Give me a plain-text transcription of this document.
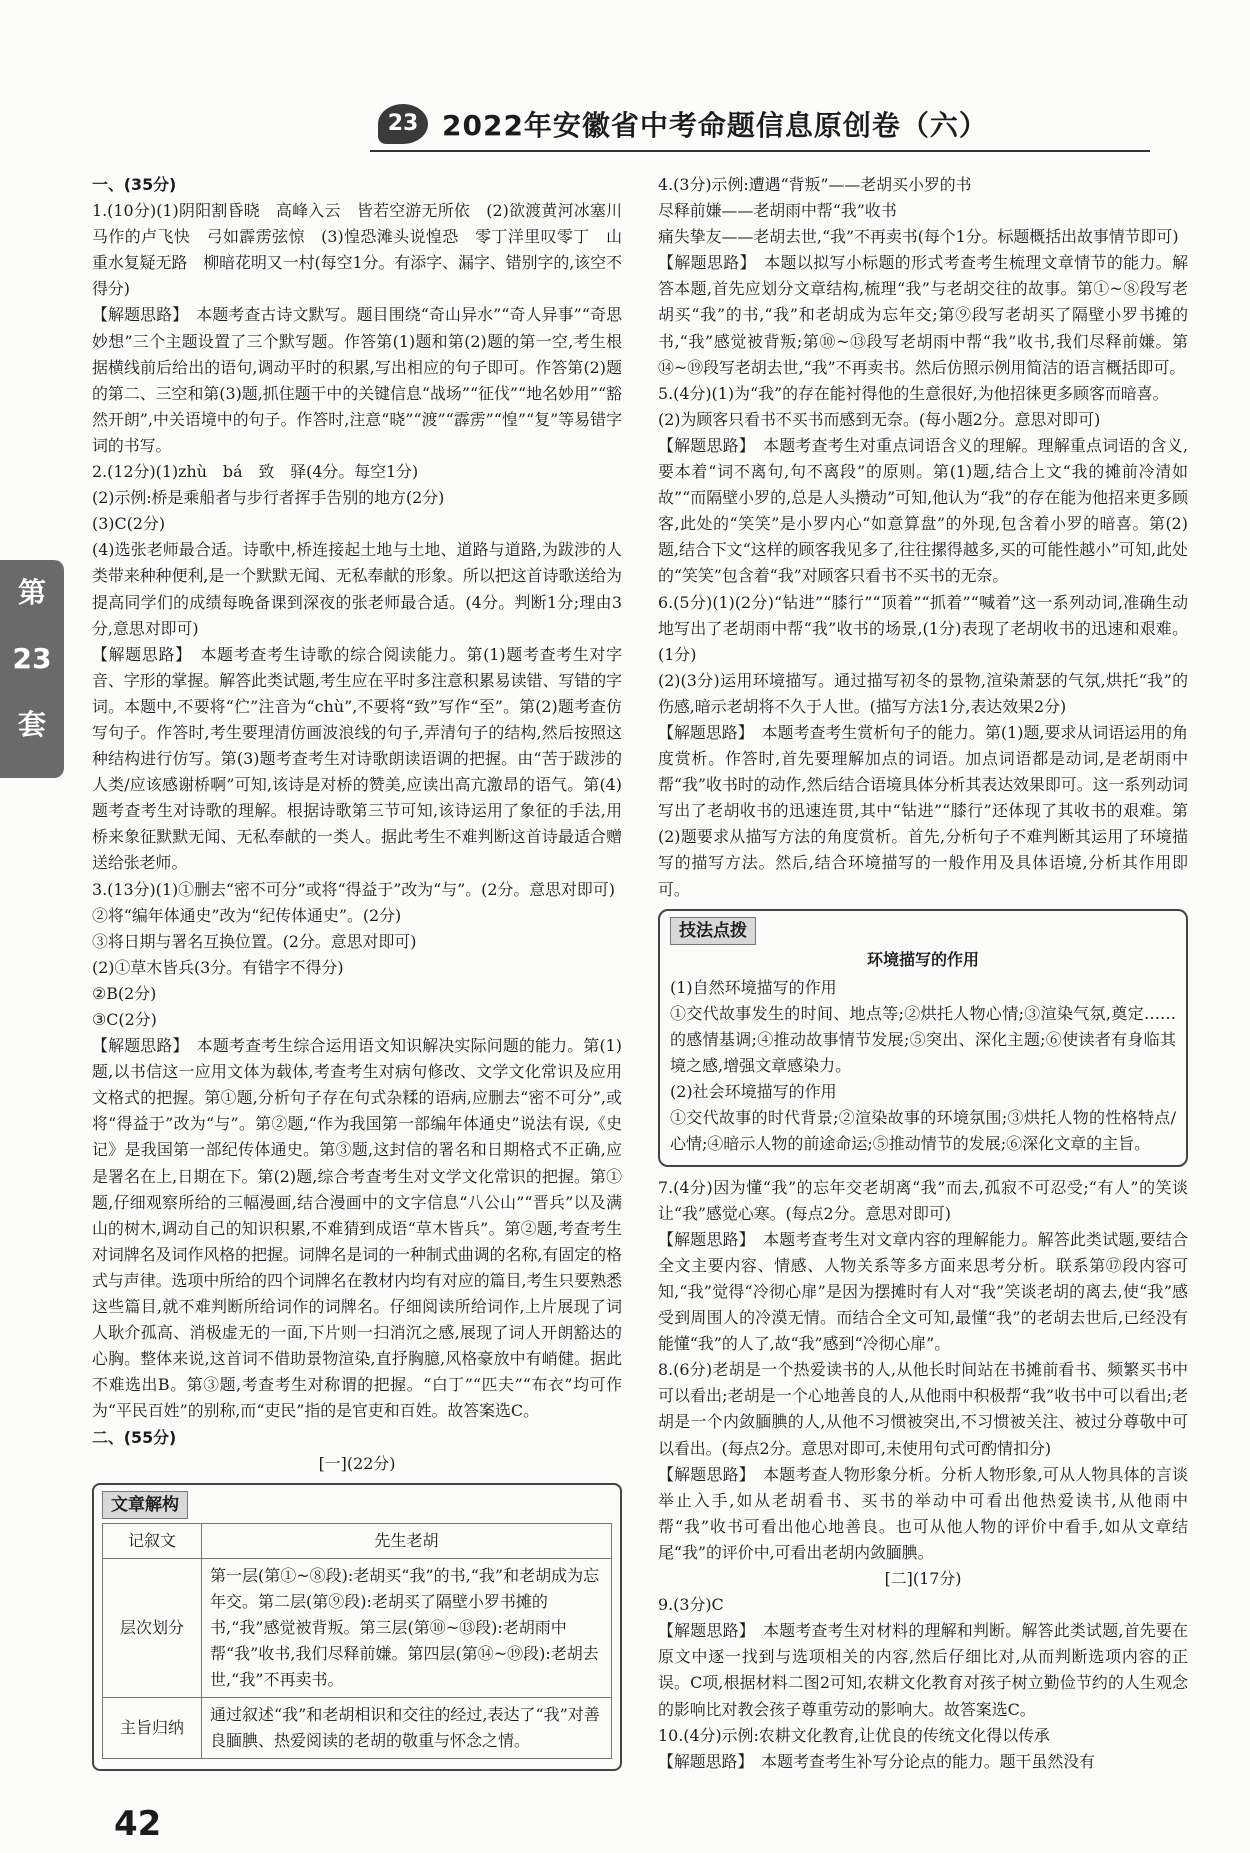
23 2022年安徽省中考命题信息原创卷（六）
第
23
套

一、(35分)

1.(10分)(1)阴阳割昏晓　高峰入云　皆若空游无所依　(2)欲渡黄河冰塞川　马作的卢飞快　弓如霹雳弦惊　(3)惶恐滩头说惶恐　零丁洋里叹零丁　山重水复疑无路　柳暗花明又一村(每空1分。有添字、漏字、错别字的,该空不得分)

【解题思路】　本题考查古诗文默写。题目围绕“奇山异水”“奇人异事”“奇思妙想”三个主题设置了三个默写题。作答第(1)题和第(2)题的第一空,考生根据横线前后给出的语句,调动平时的积累,写出相应的句子即可。作答第(2)题的第二、三空和第(3)题,抓住题干中的关键信息“战场”“征伐”“地名妙用”“豁然开朗”,中关语境中的句子。作答时,注意“晓”“渡”“霹雳”“惶”“复”等易错字词的书写。

2.(12分)(1)zhù　bá　致　驿(4分。每空1分)

(2)示例:桥是乘船者与步行者挥手告别的地方(2分)

(3)C(2分)

(4)选张老师最合适。诗歌中,桥连接起土地与土地、道路与道路,为跋涉的人类带来种种便利,是一个默默无闻、无私奉献的形象。所以把这首诗歌送给为提高同学们的成绩每晚备课到深夜的张老师最合适。(4分。判断1分;理由3分,意思对即可)

【解题思路】　本题考查考生诗歌的综合阅读能力。第(1)题考查考生对字音、字形的掌握。解答此类试题,考生应在平时多注意积累易读错、写错的字词。本题中,不要将“伫”注音为“chù”,不要将“致”写作“至”。第(2)题考查仿写句子。作答时,考生要理清仿画波浪线的句子,弄清句子的结构,然后按照这种结构进行仿写。第(3)题考查考生对诗歌朗读语调的把握。由“苦于跋涉的人类/应该感谢桥啊”可知,该诗是对桥的赞美,应读出高亢激昂的语气。第(4)题考查考生对诗歌的理解。根据诗歌第三节可知,该诗运用了象征的手法,用桥来象征默默无闻、无私奉献的一类人。据此考生不难判断这首诗最适合赠送给张老师。

3.(13分)(1)①删去“密不可分”或将“得益于”改为“与”。(2分。意思对即可)

②将“编年体通史”改为“纪传体通史”。(2分)

③将日期与署名互换位置。(2分。意思对即可)

(2)①草木皆兵(3分。有错字不得分)

②B(2分)

③C(2分)

【解题思路】　本题考查考生综合运用语文知识解决实际问题的能力。第(1)题,以书信这一应用文体为载体,考查考生对病句修改、文学文化常识及应用文格式的把握。第①题,分析句子存在句式杂糅的语病,应删去“密不可分”,或将“得益于”改为“与”。第②题,“作为我国第一部编年体通史”说法有误,《史记》是我国第一部纪传体通史。第③题,这封信的署名和日期格式不正确,应是署名在上,日期在下。第(2)题,综合考查考生对文学文化常识的把握。第①题,仔细观察所给的三幅漫画,结合漫画中的文字信息“八公山”“晋兵”以及满山的树木,调动自己的知识积累,不难猜到成语“草木皆兵”。第②题,考查考生对词牌名及词作风格的把握。词牌名是词的一种制式曲调的名称,有固定的格式与声律。选项中所给的四个词牌名在教材内均有对应的篇目,考生只要熟悉这些篇目,就不难判断所给词作的词牌名。仔细阅读所给词作,上片展现了词人耿介孤高、消极虚无的一面,下片则一扫消沉之感,展现了词人开朗豁达的心胸。整体来说,这首词不借助景物渲染,直抒胸臆,风格豪放中有峭健。据此不难选出B。第③题,考查考生对称谓的把握。“白丁”“匹夫”“布衣”均可作为“平民百姓”的别称,而“吏民”指的是官吏和百姓。故答案选C。

二、(55分)

[一](22分)

文章解构
记叙文	先生老胡
层次划分	第一层(第①~⑧段):老胡买“我”的书,“我”和老胡成为忘年交。第二层(第⑨段):老胡买了隔壁小罗书摊的书,“我”感觉被背叛。第三层(第⑩~⑬段):老胡雨中帮“我”收书,我们尽释前嫌。第四层(第⑭~⑲段):老胡去世,“我”不再卖书。
主旨归纳	通过叙述“我”和老胡相识和交往的经过,表达了“我”对善良腼腆、热爱阅读的老胡的敬重与怀念之情。

4.(3分)示例:遭遇“背叛”——老胡买小罗的书

尽释前嫌——老胡雨中帮“我”收书

痛失挚友——老胡去世,“我”不再卖书(每个1分。标题概括出故事情节即可)

【解题思路】　本题以拟写小标题的形式考查考生梳理文章情节的能力。解答本题,首先应划分文章结构,梳理“我”与老胡交往的故事。第①~⑧段写老胡买“我”的书,“我”和老胡成为忘年交;第⑨段写老胡买了隔壁小罗书摊的书,“我”感觉被背叛;第⑩~⑬段写老胡雨中帮“我”收书,我们尽释前嫌。第⑭~⑲段写老胡去世,“我”不再卖书。然后仿照示例用简洁的语言概括即可。

5.(4分)(1)为“我”的存在能衬得他的生意很好,为他招徕更多顾客而暗喜。

(2)为顾客只看书不买书而感到无奈。(每小题2分。意思对即可)

【解题思路】　本题考查考生对重点词语含义的理解。理解重点词语的含义,要本着“词不离句,句不离段”的原则。第(1)题,结合上文“我的摊前冷清如故”“而隔壁小罗的,总是人头攒动”可知,他认为“我”的存在能为他招来更多顾客,此处的“笑笑”是小罗内心“如意算盘”的外现,包含着小罗的暗喜。第(2)题,结合下文“这样的顾客我见多了,往往摞得越多,买的可能性越小”可知,此处的“笑笑”包含着“我”对顾客只看书不买书的无奈。

6.(5分)(1)(2分)“钻进”“膝行”“顶着”“抓着”“喊着”这一系列动词,准确生动地写出了老胡雨中帮“我”收书的场景,(1分)表现了老胡收书的迅速和艰难。(1分)

(2)(3分)运用环境描写。通过描写初冬的景物,渲染萧瑟的气氛,烘托“我”的伤感,暗示老胡将不久于人世。(描写方法1分,表达效果2分)

【解题思路】　本题考查考生赏析句子的能力。第(1)题,要求从词语运用的角度赏析。作答时,首先要理解加点的词语。加点词语都是动词,是老胡雨中帮“我”收书时的动作,然后结合语境具体分析其表达效果即可。这一系列动词写出了老胡收书的迅速连贯,其中“钻进”“膝行”还体现了其收书的艰难。第(2)题要求从描写方法的角度赏析。首先,分析句子不难判断其运用了环境描写的描写方法。然后,结合环境描写的一般作用及具体语境,分析其作用即可。

技法点拨
环境描写的作用

(1)自然环境描写的作用

①交代故事发生的时间、地点等;②烘托人物心情;③渲染气氛,奠定……的感情基调;④推动故事情节发展;⑤突出、深化主题;⑥使读者有身临其境之感,增强文章感染力。

(2)社会环境描写的作用

①交代故事的时代背景;②渲染故事的环境氛围;③烘托人物的性格特点/心情;④暗示人物的前途命运;⑤推动情节的发展;⑥深化文章的主旨。

7.(4分)因为懂“我”的忘年交老胡离“我”而去,孤寂不可忍受;“有人”的笑谈让“我”感觉心寒。(每点2分。意思对即可)

【解题思路】　本题考查考生对文章内容的理解能力。解答此类试题,要结合全文主要内容、情感、人物关系等多方面来思考分析。联系第⑰段内容可知,“我”觉得“冷彻心扉”是因为摆摊时有人对“我”笑谈老胡的离去,使“我”感受到周围人的冷漠无情。而结合全文可知,最懂“我”的老胡去世后,已经没有能懂“我”的人了,故“我”感到“冷彻心扉”。

8.(6分)老胡是一个热爱读书的人,从他长时间站在书摊前看书、频繁买书中可以看出;老胡是一个心地善良的人,从他雨中积极帮“我”收书中可以看出;老胡是一个内敛腼腆的人,从他不习惯被突出,不习惯被关注、被过分尊敬中可以看出。(每点2分。意思对即可,未使用句式可酌情扣分)

【解题思路】　本题考查人物形象分析。分析人物形象,可从人物具体的言谈举止入手,如从老胡看书、买书的举动中可看出他热爱读书,从他雨中帮“我”收书可看出他心地善良。也可从他人物的评价中看手,如从文章结尾“我”的评价中,可看出老胡内敛腼腆。

[二](17分)

9.(3分)C

【解题思路】　本题考查考生对材料的理解和判断。解答此类试题,首先要在原文中逐一找到与选项相关的内容,然后仔细比对,从而判断选项内容的正误。C项,根据材料二图2可知,农耕文化教育对孩子树立勤俭节约的人生观念的影响比对教会孩子尊重劳动的影响大。故答案选C。

10.(4分)示例:农耕文化教育,让优良的传统文化得以传承

【解题思路】　本题考查考生补写分论点的能力。题干虽然没有

42
